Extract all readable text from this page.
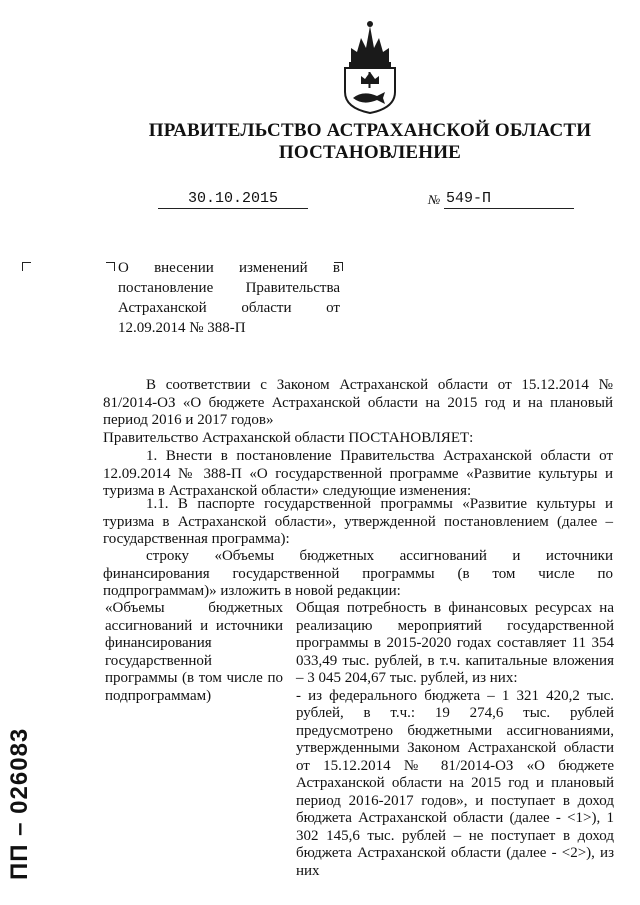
ПРАВИТЕЛЬСТВО АСТРАХАНСКОЙ ОБЛАСТИ
ПОСТАНОВЛЕНИЕ
30.10.2015	№ 549-П
О внесении изменений в постановление Правительства Астраханской области от 12.09.2014 № 388-П
В соответствии с Законом Астраханской области от 15.12.2014 № 81/2014-ОЗ «О бюджете Астраханской области на 2015 год и на плановый период 2016 и 2017 годов»
Правительство Астраханской области ПОСТАНОВЛЯЕТ:
1. Внести в постановление Правительства Астраханской области от 12.09.2014 № 388-П «О государственной программе «Развитие культуры и туризма в Астраханской области» следующие изменения:
1.1. В паспорте государственной программы «Развитие культуры и туризма в Астраханской области», утвержденной постановлением (далее – государственная программа):
строку «Объемы бюджетных ассигнований и источники финансирования государственной программы (в том числе по подпрограммам)» изложить в новой редакции:
«Объемы бюджетных ассигнований и источники финансирования государственной программы (в том числе по подпрограммам)
Общая потребность в финансовых ресурсах на реализацию мероприятий государственной программы в 2015-2020 годах составляет 11 354 033,49 тыс. рублей, в т.ч. капитальные вложения – 3 045 204,67 тыс. рублей, из них:
- из федерального бюджета – 1 321 420,2 тыс. рублей, в т.ч.: 19 274,6 тыс. рублей предусмотрено бюджетными ассигнованиями, утвержденными Законом Астраханской области от 15.12.2014 № 81/2014-ОЗ «О бюджете Астраханской области на 2015 год и плановый период 2016-2017 годов», и поступает в доход бюджета Астраханской области (далее - <1>), 1 302 145,6 тыс. рублей – не поступает в доход бюджета Астраханской области (далее - <2>), из них
ПП – 026083
